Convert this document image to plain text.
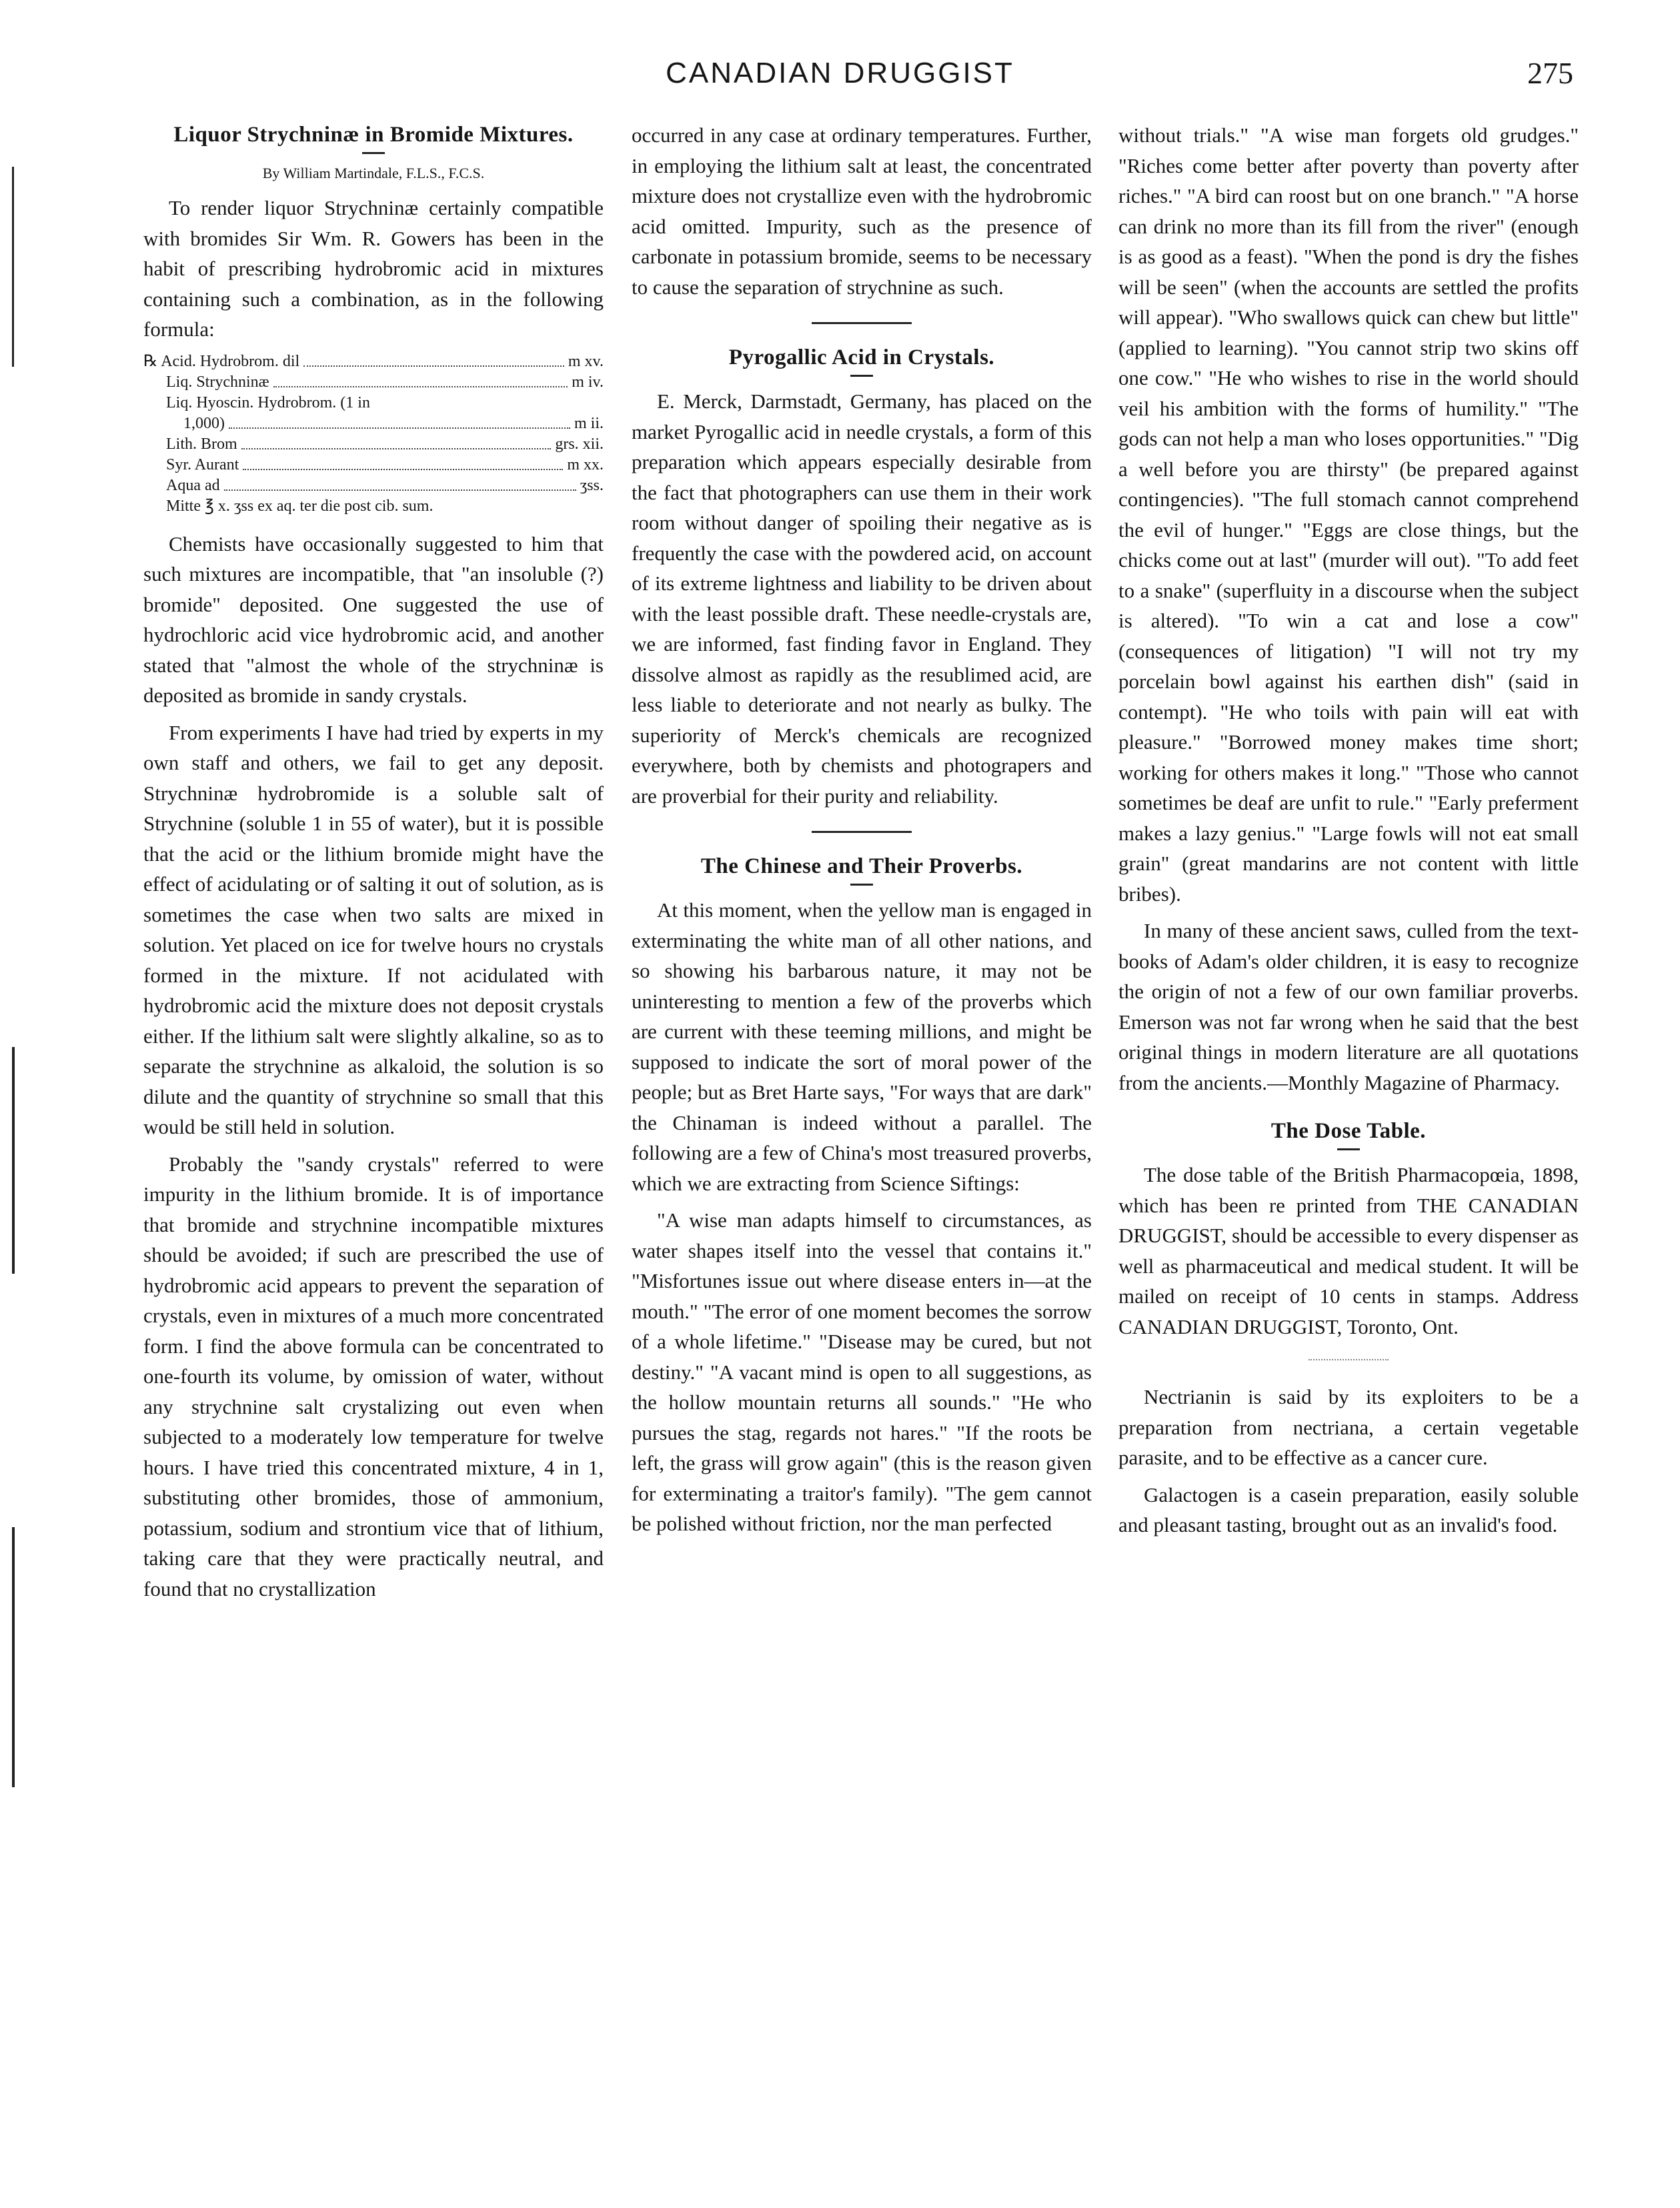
CANADIAN DRUGGIST	275
Liquor Strychninæ in Bromide Mixtures.

By William Martindale, F.L.S., F.C.S.

To render liquor Strychninæ certainly compatible with bromides Sir Wm. R. Gowers has been in the habit of prescribing hydrobromic acid in mixtures containing such a combination, as in the following formula:

℞ Acid. Hydrobrom. dil	m xv.
Liq. Strychninæ	m iv.
Liq. Hyoscin. Hydrobrom. (1 in
1,000)	m ii.
Lith. Brom	grs. xii.
Syr. Aurant	m xx.
Aqua ad	ʒss.
Mitte ℥ x. ʒss ex aq. ter die post cib. sum.

Chemists have occasionally suggested to him that such mixtures are incompatible, that "an insoluble (?) bromide" deposited. One suggested the use of hydrochloric acid vice hydrobromic acid, and another stated that "almost the whole of the strychninæ is deposited as bromide in sandy crystals.

From experiments I have had tried by experts in my own staff and others, we fail to get any deposit. Strychninæ hydrobromide is a soluble salt of Strychnine (soluble 1 in 55 of water), but it is possible that the acid or the lithium bromide might have the effect of acidulating or of salting it out of solution, as is sometimes the case when two salts are mixed in solution. Yet placed on ice for twelve hours no crystals formed in the mixture. If not acidulated with hydrobromic acid the mixture does not deposit crystals either. If the lithium salt were slightly alkaline, so as to separate the strychnine as alkaloid, the solution is so dilute and the quantity of strychnine so small that this would be still held in solution.

Probably the "sandy crystals" referred to were impurity in the lithium bromide. It is of importance that bromide and strychnine incompatible mixtures should be avoided; if such are prescribed the use of hydrobromic acid appears to prevent the separation of crystals, even in mixtures of a much more concentrated form. I find the above formula can be concentrated to one-fourth its volume, by omission of water, without any strychnine salt crystalizing out even when subjected to a moderately low temperature for twelve hours. I have tried this concentrated mixture, 4 in 1, substituting other bromides, those of ammonium, potassium, sodium and strontium vice that of lithium, taking care that they were practically neutral, and found that no crystallization

occurred in any case at ordinary temperatures. Further, in employing the lithium salt at least, the concentrated mixture does not crystallize even with the hydrobromic acid omitted. Impurity, such as the presence of carbonate in potassium bromide, seems to be necessary to cause the separation of strychnine as such.

Pyrogallic Acid in Crystals.

E. Merck, Darmstadt, Germany, has placed on the market Pyrogallic acid in needle crystals, a form of this preparation which appears especially desirable from the fact that photographers can use them in their work room without danger of spoiling their negative as is frequently the case with the powdered acid, on account of its extreme lightness and liability to be driven about with the least possible draft. These needle-crystals are, we are informed, fast finding favor in England. They dissolve almost as rapidly as the resublimed acid, are less liable to deteriorate and not nearly as bulky. The superiority of Merck's chemicals are recognized everywhere, both by chemists and photograpers and are proverbial for their purity and reliability.

The Chinese and Their Proverbs.

At this moment, when the yellow man is engaged in exterminating the white man of all other nations, and so showing his barbarous nature, it may not be uninteresting to mention a few of the proverbs which are current with these teeming millions, and might be supposed to indicate the sort of moral power of the people; but as Bret Harte says, "For ways that are dark" the Chinaman is indeed without a parallel. The following are a few of China's most treasured proverbs, which we are extracting from Science Siftings:

"A wise man adapts himself to circumstances, as water shapes itself into the vessel that contains it." "Misfortunes issue out where disease enters in—at the mouth." "The error of one moment becomes the sorrow of a whole lifetime." "Disease may be cured, but not destiny." "A vacant mind is open to all suggestions, as the hollow mountain returns all sounds." "He who pursues the stag, regards not hares." "If the roots be left, the grass will grow again" (this is the reason given for exterminating a traitor's family). "The gem cannot be polished without friction, nor the man perfected

without trials." "A wise man forgets old grudges." "Riches come better after poverty than poverty after riches." "A bird can roost but on one branch." "A horse can drink no more than its fill from the river" (enough is as good as a feast). "When the pond is dry the fishes will be seen" (when the accounts are settled the profits will appear). "Who swallows quick can chew but little" (applied to learning). "You cannot strip two skins off one cow." "He who wishes to rise in the world should veil his ambition with the forms of humility." "The gods can not help a man who loses opportunities." "Dig a well before you are thirsty" (be prepared against contingencies). "The full stomach cannot comprehend the evil of hunger." "Eggs are close things, but the chicks come out at last" (murder will out). "To add feet to a snake" (superfluity in a discourse when the subject is altered). "To win a cat and lose a cow" (consequences of litigation) "I will not try my porcelain bowl against his earthen dish" (said in contempt). "He who toils with pain will eat with pleasure." "Borrowed money makes time short; working for others makes it long." "Those who cannot sometimes be deaf are unfit to rule." "Early preferment makes a lazy genius." "Large fowls will not eat small grain" (great mandarins are not content with little bribes).

In many of these ancient saws, culled from the text-books of Adam's older children, it is easy to recognize the origin of not a few of our own familiar proverbs. Emerson was not far wrong when he said that the best original things in modern literature are all quotations from the ancients.—Monthly Magazine of Pharmacy.

The Dose Table.

The dose table of the British Pharmacopœia, 1898, which has been re printed from THE CANADIAN DRUGGIST, should be accessible to every dispenser as well as pharmaceutical and medical student. It will be mailed on receipt of 10 cents in stamps. Address CANADIAN DRUGGIST, Toronto, Ont.

Nectrianin is said by its exploiters to be a preparation from nectriana, a certain vegetable parasite, and to be effective as a cancer cure.

Galactogen is a casein preparation, easily soluble and pleasant tasting, brought out as an invalid's food.
